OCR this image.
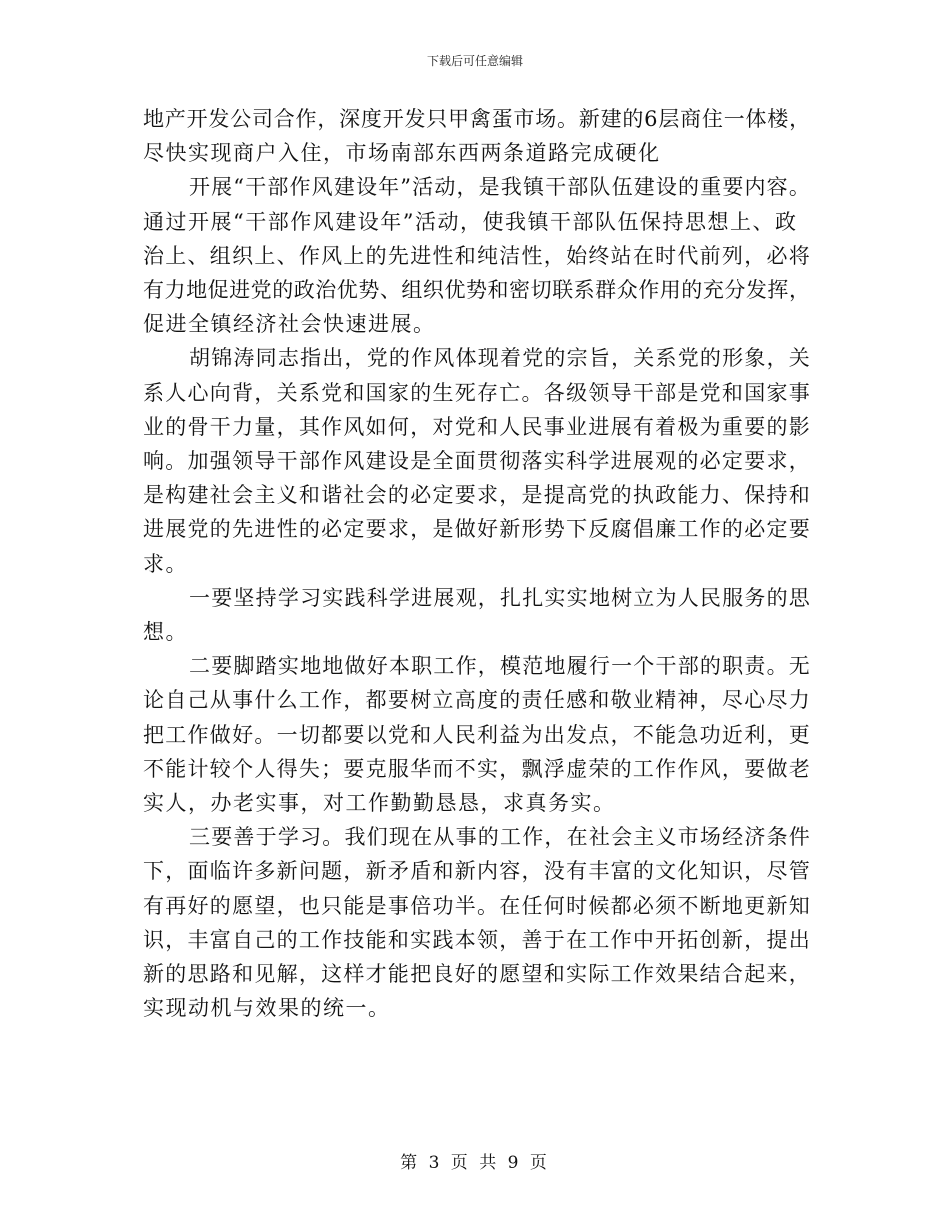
下载后可任意编辑
地产开发公司合作，深度开发只甲禽蛋市场。新建的6层商住一体楼，
尽快实现商户入住，市场南部东西两条道路完成硬化
开展“干部作风建设年”活动，是我镇干部队伍建设的重要内容。
通过开展“干部作风建设年”活动，使我镇干部队伍保持思想上、政
治上、组织上、作风上的先进性和纯洁性，始终站在时代前列，必将
有力地促进党的政治优势、组织优势和密切联系群众作用的充分发挥，
促进全镇经济社会快速进展。
胡锦涛同志指出，党的作风体现着党的宗旨，关系党的形象，关
系人心向背，关系党和国家的生死存亡。各级领导干部是党和国家事
业的骨干力量，其作风如何，对党和人民事业进展有着极为重要的影
响。加强领导干部作风建设是全面贯彻落实科学进展观的必定要求，
是构建社会主义和谐社会的必定要求，是提高党的执政能力、保持和
进展党的先进性的必定要求，是做好新形势下反腐倡廉工作的必定要
求。
一要坚持学习实践科学进展观，扎扎实实地树立为人民服务的思
想。
二要脚踏实地地做好本职工作，模范地履行一个干部的职责。无
论自己从事什么工作，都要树立高度的责任感和敬业精神，尽心尽力
把工作做好。一切都要以党和人民利益为出发点，不能急功近利，更
不能计较个人得失；要克服华而不实，飘浮虚荣的工作作风，要做老
实人，办老实事，对工作勤勤恳恳，求真务实。
三要善于学习。我们现在从事的工作，在社会主义市场经济条件
下，面临许多新问题，新矛盾和新内容，没有丰富的文化知识，尽管
有再好的愿望，也只能是事倍功半。在任何时候都必须不断地更新知
识，丰富自己的工作技能和实践本领，善于在工作中开拓创新，提出
新的思路和见解，这样才能把良好的愿望和实际工作效果结合起来，
实现动机与效果的统一。
第 3 页 共 9 页
